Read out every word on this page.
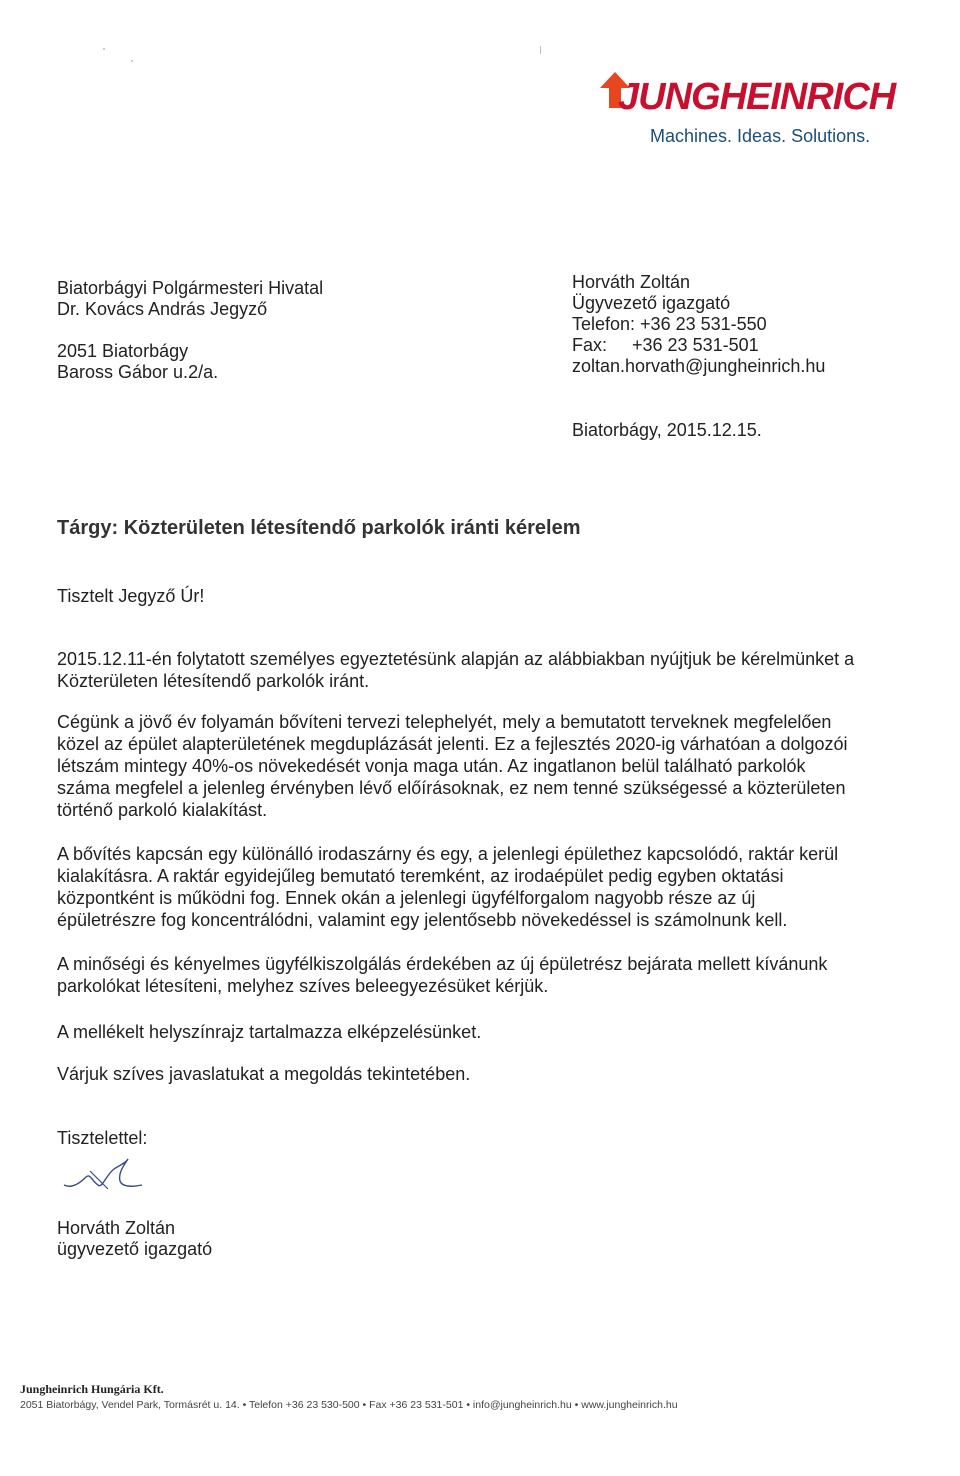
JUNGHEINRICH
Machines. Ideas. Solutions.
Biatorbágyi Polgármesteri Hivatal
Dr. Kovács András Jegyző
2051 Biatorbágy
Baross Gábor u.2/a.
Horváth Zoltán
Ügyvezető igazgató
Telefon: +36 23 531-550
Fax:     +36 23 531-501
zoltan.horvath@jungheinrich.hu
Biatorbágy, 2015.12.15.
Tárgy: Közterületen létesítendő parkolók iránti kérelem
Tisztelt Jegyző Úr!

2015.12.11-én folytatott személyes egyeztetésünk alapján az alábbiakban nyújtjuk be kérelmünket a Közterületen létesítendő parkolók iránt.

Cégünk a jövő év folyamán bővíteni tervezi telephelyét, mely a bemutatott terveknek megfelelően közel az épület alapterületének megduplázását jelenti. Ez a fejlesztés 2020-ig várhatóan a dolgozói létszám mintegy 40%-os növekedését vonja maga után. Az ingatlanon belül található parkolók száma megfelel a jelenleg érvényben lévő előírásoknak, ez nem tenné szükségessé a közterületen történő parkoló kialakítást.

A bővítés kapcsán egy különálló irodaszárny és egy, a jelenlegi épülethez kapcsolódó, raktár kerül kialakításra. A raktár egyidejűleg bemutató teremként, az irodaépület pedig egyben oktatási központként is működni fog. Ennek okán a jelenlegi ügyfélforgalom nagyobb része az új épületrészre fog koncentrálódni, valamint egy jelentősebb növekedéssel is számolnunk kell.

A minőségi és kényelmes ügyfélkiszolgálás érdekében az új épületrész bejárata mellett kívánunk parkolókat létesíteni, melyhez szíves beleegyezésüket kérjük.

A mellékelt helyszínrajz tartalmazza elképzelésünket.

Várjuk szíves javaslatukat a megoldás tekintetében.

Tisztelettel:
Horváth Zoltán
ügyvezető igazgató
Jungheinrich Hungária Kft.
2051 Biatorbágy, Vendel Park, Tormásrét u. 14. • Telefon +36 23 530-500 • Fax +36 23 531-501 • info@jungheinrich.hu • www.jungheinrich.hu
